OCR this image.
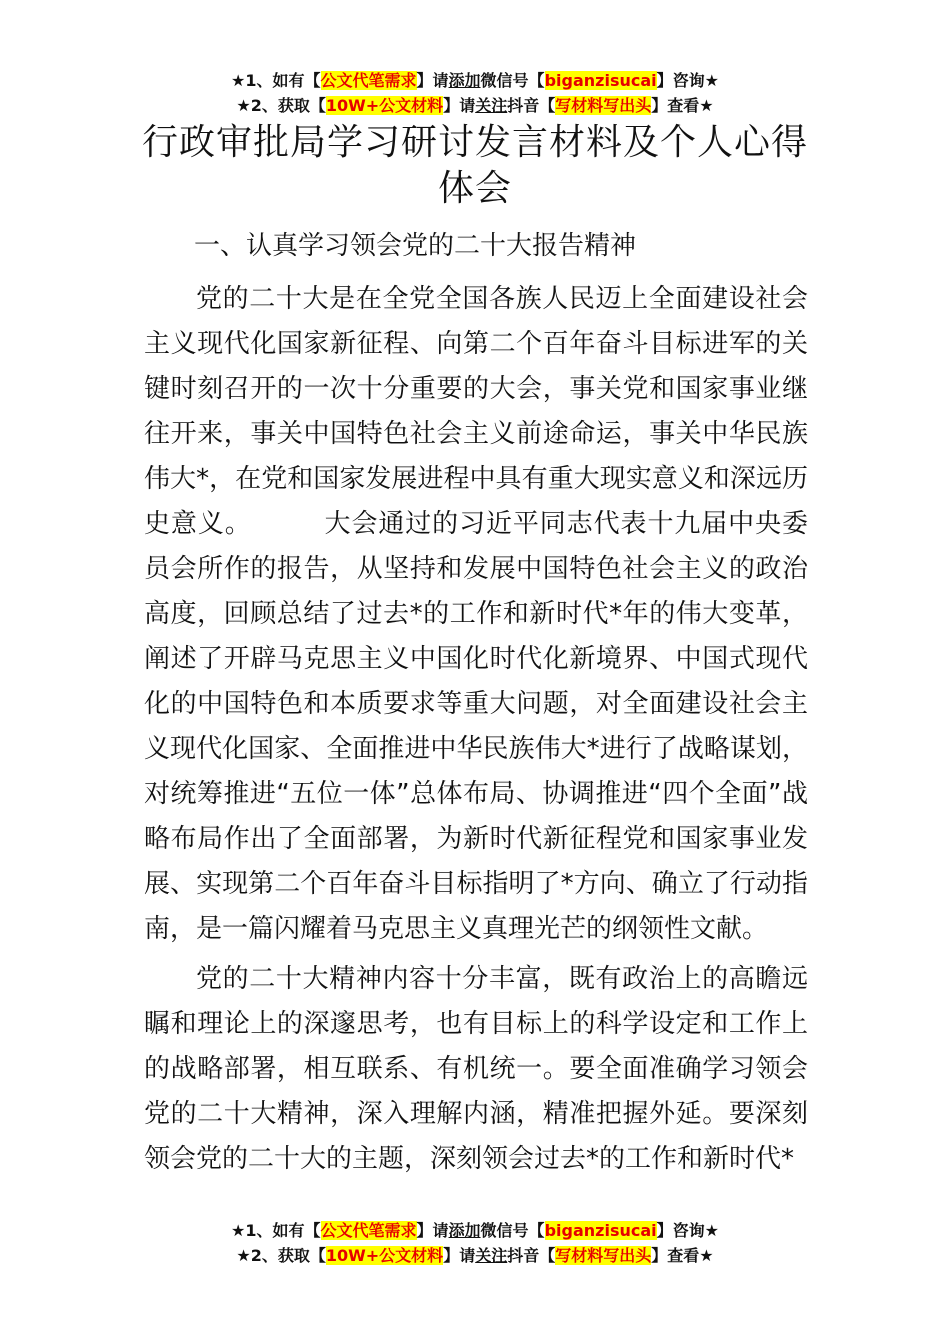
★1、如有【公文代笔需求】请添加微信号【biganzisucai】咨询★
★2、获取【10W+公文材料】请关注抖音【写材料写出头】查看★
行政审批局学习研讨发言材料及个人心得体会
一、认真学习领会党的二十大报告精神
党的二十大是在全党全国各族人民迈上全面建设社会主义现代化国家新征程、向第二个百年奋斗目标进军的关键时刻召开的一次十分重要的大会，事关党和国家事业继往开来，事关中国特色社会主义前途命运，事关中华民族伟大*，在党和国家发展进程中具有重大现实意义和深远历史意义。	大会通过的习近平同志代表十九届中央委员会所作的报告，从坚持和发展中国特色社会主义的政治高度，回顾总结了过去*的工作和新时代*年的伟大变革，阐述了开辟马克思主义中国化时代化新境界、中国式现代化的中国特色和本质要求等重大问题，对全面建设社会主义现代化国家、全面推进中华民族伟大*进行了战略谋划，对统筹推进“五位一体”总体布局、协调推进“四个全面”战略布局作出了全面部署，为新时代新征程党和国家事业发展、实现第二个百年奋斗目标指明了*方向、确立了行动指南，是一篇闪耀着马克思主义真理光芒的纲领性文献。
党的二十大精神内容十分丰富，既有政治上的高瞻远瞩和理论上的深邃思考，也有目标上的科学设定和工作上的战略部署，相互联系、有机统一。要全面准确学习领会党的二十大精神，深入理解内涵，精准把握外延。要深刻领会党的二十大的主题，深刻领会过去*的工作和新时代*
★1、如有【公文代笔需求】请添加微信号【biganzisucai】咨询★
★2、获取【10W+公文材料】请关注抖音【写材料写出头】查看★
